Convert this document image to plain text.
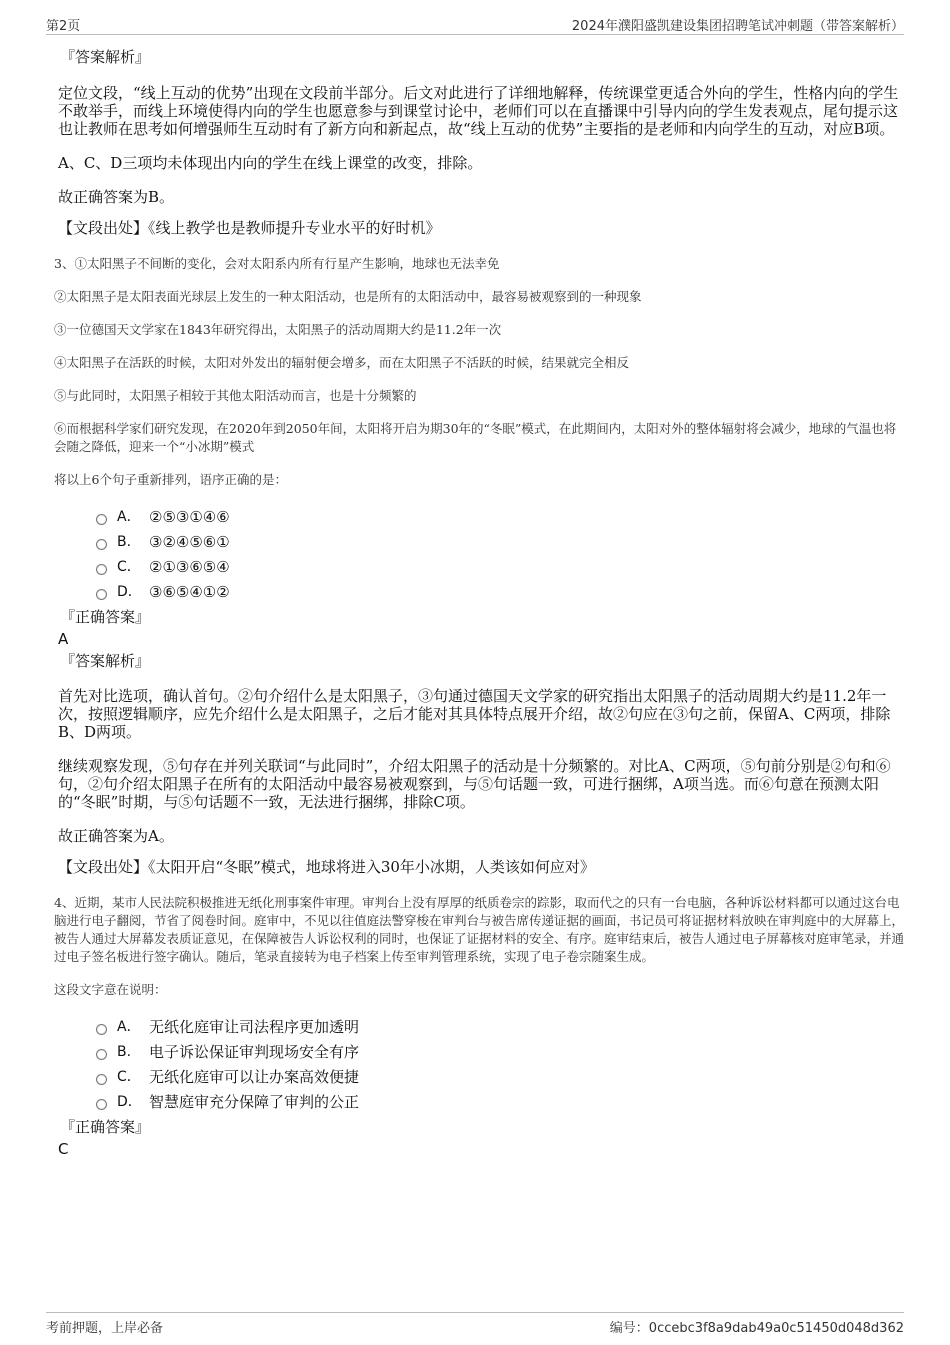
第2页	2024年濮阳盛凯建设集团招聘笔试冲刺题（带答案解析）
『答案解析』
定位文段，“线上互动的优势”出现在文段前半部分。后文对此进行了详细地解释，传统课堂更适合外向的学生，性格内向的学生不敢举手，而线上环境使得内向的学生也愿意参与到课堂讨论中，老师们可以在直播课中引导内向的学生发表观点，尾句提示这也让教师在思考如何增强师生互动时有了新方向和新起点，故“线上互动的优势”主要指的是老师和内向学生的互动，对应B项。
A、C、D三项均未体现出内向的学生在线上课堂的改变，排除。
故正确答案为B。
【文段出处】《线上教学也是教师提升专业水平的好时机》

3、①太阳黑子不间断的变化，会对太阳系内所有行星产生影响，地球也无法幸免

②太阳黑子是太阳表面光球层上发生的一种太阳活动，也是所有的太阳活动中，最容易被观察到的一种现象

③一位德国天文学家在1843年研究得出，太阳黑子的活动周期大约是11.2年一次

④太阳黑子在活跃的时候，太阳对外发出的辐射便会增多，而在太阳黑子不活跃的时候，结果就完全相反

⑤与此同时，太阳黑子相较于其他太阳活动而言，也是十分频繁的

⑥而根据科学家们研究发现，在2020年到2050年间，太阳将开启为期30年的“冬眠”模式，在此期间内，太阳对外的整体辐射将会减少，地球的气温也将会随之降低，迎来一个“小冰期”模式

将以上6个句子重新排列，语序正确的是：

A． ②⑤③①④⑥
B.	③②④⑤⑥①
C． ②①③⑥⑤④
D． ③⑥⑤④①②
『正确答案』
A
『答案解析』
首先对比选项，确认首句。②句介绍什么是太阳黑子，③句通过德国天文学家的研究指出太阳黑子的活动周期大约是11.2年一次，按照逻辑顺序，应先介绍什么是太阳黑子，之后才能对其具体特点展开介绍，故②句应在③句之前，保留A、C两项，排除B、D两项。
继续观察发现，⑤句存在并列关联词“与此同时”，介绍太阳黑子的活动是十分频繁的。对比A、C两项，⑤句前分别是②句和⑥句，②句介绍太阳黑子在所有的太阳活动中最容易被观察到，与⑤句话题一致，可进行捆绑，A项当选。而⑥句意在预测太阳的“冬眠”时期，与⑤句话题不一致，无法进行捆绑，排除C项。
故正确答案为A。
【文段出处】《太阳开启“冬眠”模式，地球将进入30年小冰期，人类该如何应对》

4、近期，某市人民法院积极推进无纸化刑事案件审理。审判台上没有厚厚的纸质卷宗的踪影，取而代之的只有一台电脑，各种诉讼材料都可以通过这台电脑进行电子翻阅，节省了阅卷时间。庭审中，不见以往值庭法警穿梭在审判台与被告席传递证据的画面，书记员可将证据材料放映在审判庭中的大屏幕上，被告人通过大屏幕发表质证意见，在保障被告人诉讼权利的同时，也保证了证据材料的安全、有序。庭审结束后，被告人通过电子屏幕核对庭审笔录，并通过电子签名板进行签字确认。随后，笔录直接转为电子档案上传至审判管理系统，实现了电子卷宗随案生成。

这段文字意在说明：

A． 无纸化庭审让司法程序更加透明
B.	电子诉讼保证审判现场安全有序
C． 无纸化庭审可以让办案高效便捷
D． 智慧庭审充分保障了审判的公正
『正确答案』
C
考前押题，上岸必备	编号：0ccebc3f8a9dab49a0c51450d048d362
